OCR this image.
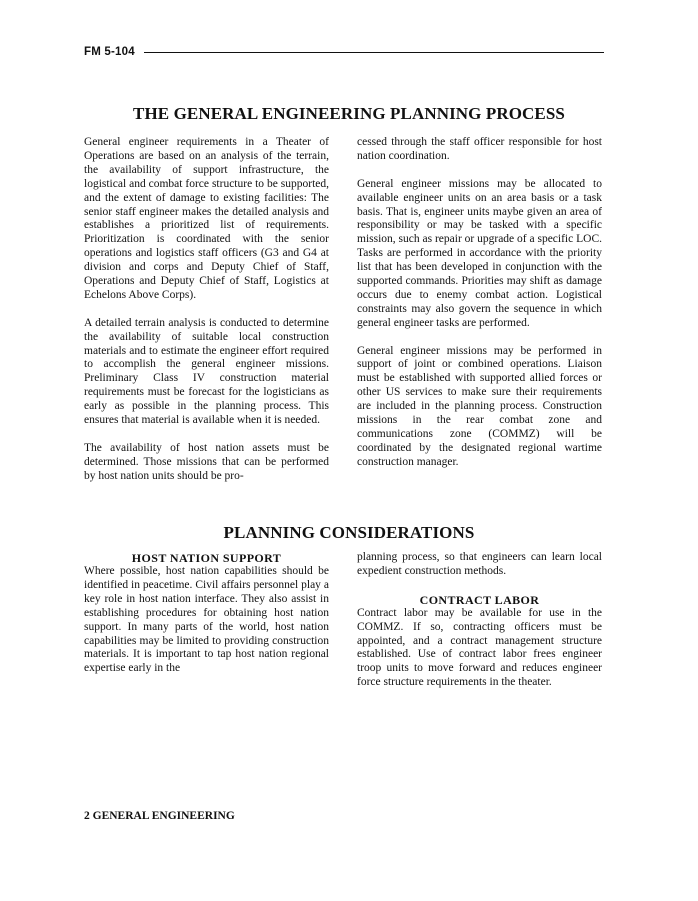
FM 5-104
THE GENERAL ENGINEERING PLANNING PROCESS

General engineer requirements in a Theater of Operations are based on an analysis of the terrain, the availability of support infrastructure, the logistical and combat force structure to be supported, and the extent of damage to existing facilities: The senior staff engineer makes the detailed analysis and establishes a prioritized list of requirements. Prioritization is coordinated with the senior operations and logistics staff officers (G3 and G4 at division and corps and Deputy Chief of Staff, Operations and Deputy Chief of Staff, Logistics at Echelons Above Corps).

A detailed terrain analysis is conducted to determine the availability of suitable local construction materials and to estimate the engineer effort required to accomplish the general engineer missions. Preliminary Class IV construction material requirements must be forecast for the logisticians as early as possible in the planning process. This ensures that material is available when it is needed.

The availability of host nation assets must be determined. Those missions that can be performed by host nation units should be pro-

cessed through the staff officer responsible for host nation coordination.

General engineer missions may be allocated to available engineer units on an area basis or a task basis. That is, engineer units maybe given an area of responsibility or may be tasked with a specific mission, such as repair or upgrade of a specific LOC. Tasks are performed in accordance with the priority list that has been developed in conjunction with the supported commands. Priorities may shift as damage occurs due to enemy combat action. Logistical constraints may also govern the sequence in which general engineer tasks are performed.

General engineer missions may be performed in support of joint or combined operations. Liaison must be established with supported allied forces or other US services to make sure their requirements are included in the planning process. Construction missions in the rear combat zone and communications zone (COMMZ) will be coordinated by the designated regional wartime construction manager.

PLANNING CONSIDERATIONS
HOST NATION SUPPORT

Where possible, host nation capabilities should be identified in peacetime. Civil affairs personnel play a key role in host nation interface. They also assist in establishing procedures for obtaining host nation support. In many parts of the world, host nation capabilities may be limited to providing construction materials. It is important to tap host nation regional expertise early in the

planning process, so that engineers can learn local expedient construction methods.

CONTRACT LABOR

Contract labor may be available for use in the COMMZ. If so, contracting officers must be appointed, and a contract management structure established. Use of contract labor frees engineer troop units to move forward and reduces engineer force structure requirements in the theater.

2 GENERAL ENGINEERING
